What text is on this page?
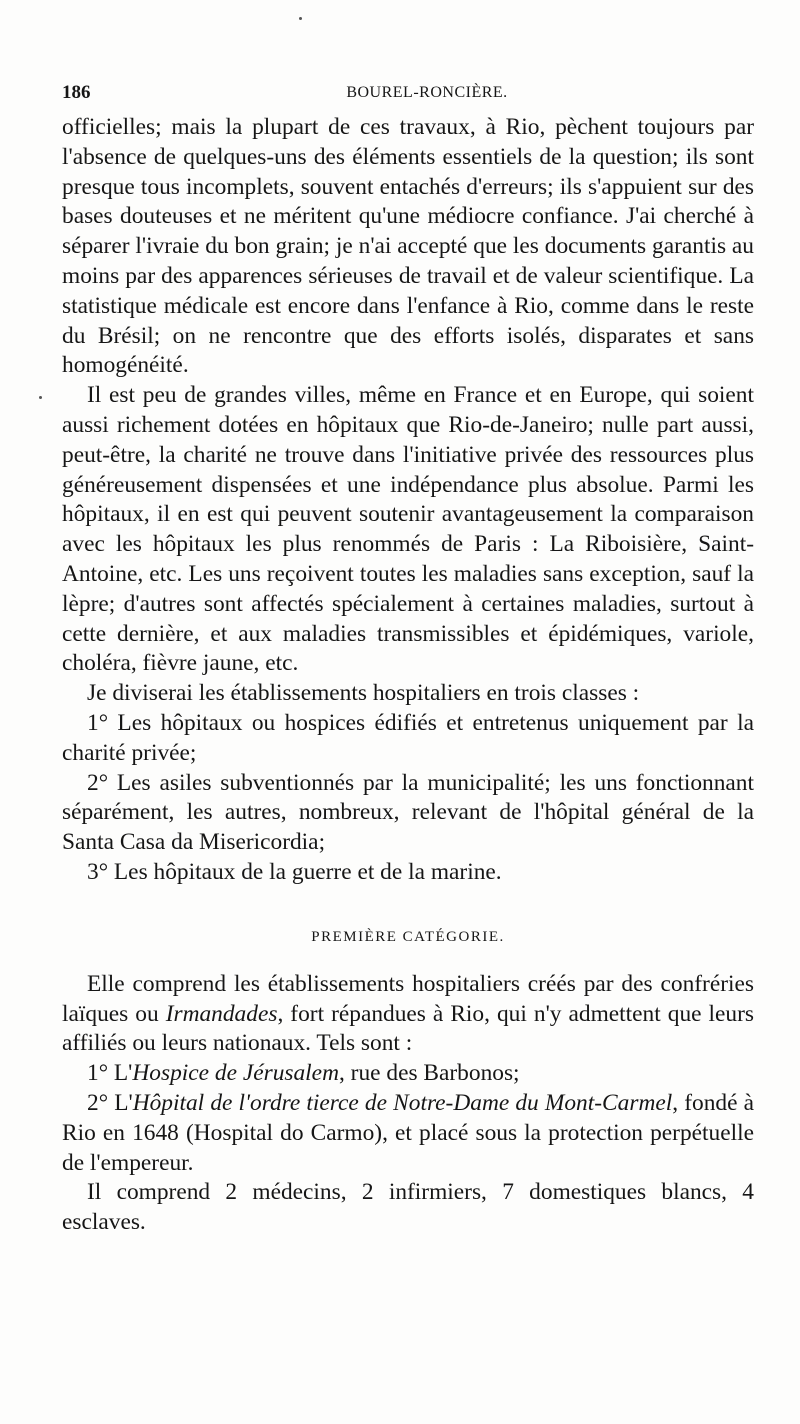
186	BOUREL-RONCIÈRE.

officielles; mais la plupart de ces travaux, à Rio, pèchent toujours par l'absence de quelques-uns des éléments essentiels de la question; ils sont presque tous incomplets, souvent entachés d'erreurs; ils s'appuient sur des bases douteuses et ne méritent qu'une médiocre confiance. J'ai cherché à séparer l'ivraie du bon grain; je n'ai accepté que les documents garantis au moins par des apparences sérieuses de travail et de valeur scientifique. La statistique médicale est encore dans l'enfance à Rio, comme dans le reste du Brésil; on ne rencontre que des efforts isolés, disparates et sans homogénéité.

Il est peu de grandes villes, même en France et en Europe, qui soient aussi richement dotées en hôpitaux que Rio-de-Janeiro; nulle part aussi, peut-être, la charité ne trouve dans l'initiative privée des ressources plus généreusement dispensées et une indépendance plus absolue. Parmi les hôpitaux, il en est qui peuvent soutenir avantageusement la comparaison avec les hôpitaux les plus renommés de Paris : La Riboisière, Saint-Antoine, etc. Les uns reçoivent toutes les maladies sans exception, sauf la lèpre; d'autres sont affectés spécialement à certaines maladies, surtout à cette dernière, et aux maladies transmissibles et épidémiques, variole, choléra, fièvre jaune, etc.

Je diviserai les établissements hospitaliers en trois classes :

1° Les hôpitaux ou hospices édifiés et entretenus uniquement par la charité privée;

2° Les asiles subventionnés par la municipalité; les uns fonctionnant séparément, les autres, nombreux, relevant de l'hôpital général de la Santa Casa da Misericordia;

3° Les hôpitaux de la guerre et de la marine.

PREMIÈRE CATÉGORIE.

Elle comprend les établissements hospitaliers créés par des confréries laïques ou Irmandades, fort répandues à Rio, qui n'y admettent que leurs affiliés ou leurs nationaux. Tels sont :

1° L'Hospice de Jérusalem, rue des Barbonos;

2° L'Hôpital de l'ordre tierce de Notre-Dame du Mont-Carmel, fondé à Rio en 1648 (Hospital do Carmo), et placé sous la protection perpétuelle de l'empereur.

Il comprend 2 médecins, 2 infirmiers, 7 domestiques blancs, 4 esclaves.
